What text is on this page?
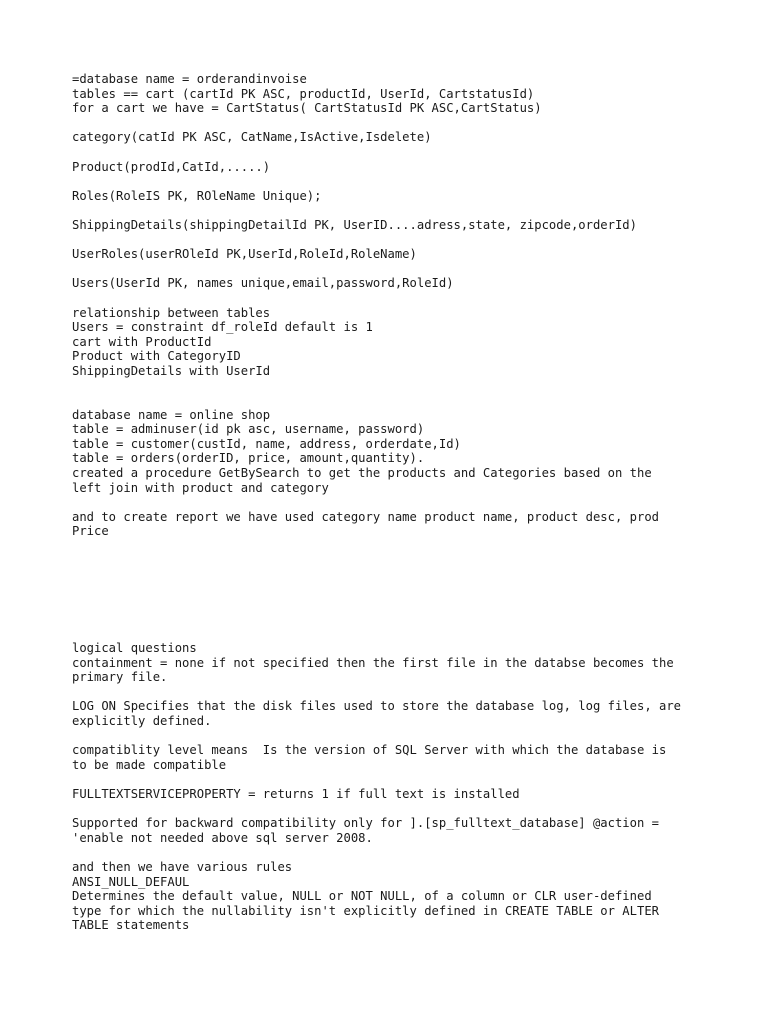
=database name = orderandinvoise
tables == cart (cartId PK ASC, productId, UserId, CartstatusId)
for a cart we have = CartStatus( CartStatusId PK ASC,CartStatus)
category(catId PK ASC, CatName,IsActive,Isdelete)
Product(prodId,CatId,.....)
Roles(RoleIS PK, ROleName Unique);
ShippingDetails(shippingDetailId PK, UserID....adress,state, zipcode,orderId)
UserRoles(userROleId PK,UserId,RoleId,RoleName)
Users(UserId PK, names unique,email,password,RoleId)
relationship between tables
Users = constraint df_roleId default is 1
cart with ProductId
Product with CategoryID
ShippingDetails with UserId
database name = online shop
table = adminuser(id pk asc, username, password)
table = customer(custId, name, address, orderdate,Id)
table = orders(orderID, price, amount,quantity).
created a procedure GetBySearch to get the products and Categories based on the
left join with product and category
and to create report we have used category name product name, product desc, prod
Price
logical questions
containment = none if not specified then the first file in the databse becomes the
primary file.
LOG ON Specifies that the disk files used to store the database log, log files, are
explicitly defined.
compatiblity level means  Is the version of SQL Server with which the database is
to be made compatible
FULLTEXTSERVICEPROPERTY = returns 1 if full text is installed
Supported for backward compatibility only for ].[sp_fulltext_database] @action =
'enable not needed above sql server 2008.
and then we have various rules
ANSI_NULL_DEFAUL
Determines the default value, NULL or NOT NULL, of a column or CLR user-defined
type for which the nullability isn't explicitly defined in CREATE TABLE or ALTER
TABLE statements
